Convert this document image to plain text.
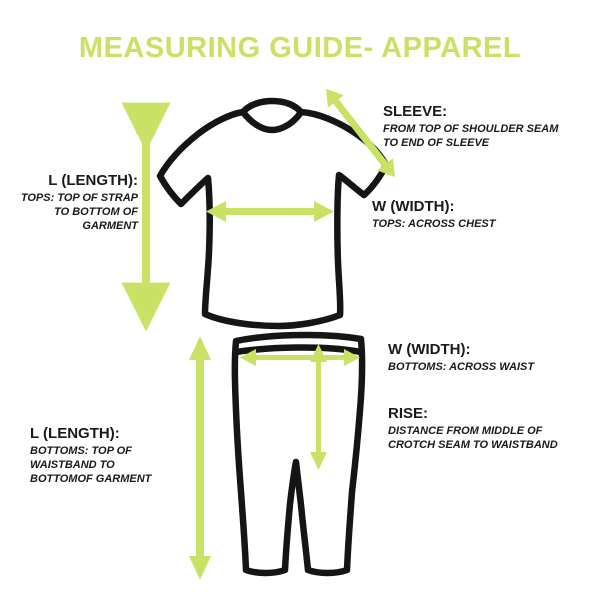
MEASURING GUIDE- APPAREL
L (LENGTH):
TOPS: TOP OF STRAP TO BOTTOM OF GARMENT
SLEEVE:
FROM TOP OF SHOULDER SEAM TO END OF SLEEVE
W (WIDTH):
TOPS: ACROSS CHEST
W (WIDTH):
BOTTOMS: ACROSS WAIST
RISE:
DISTANCE FROM MIDDLE OF CROTCH SEAM TO WAISTBAND
L (LENGTH):
BOTTOMS: TOP OF WAISTBAND TO BOTTOMOF GARMENT
